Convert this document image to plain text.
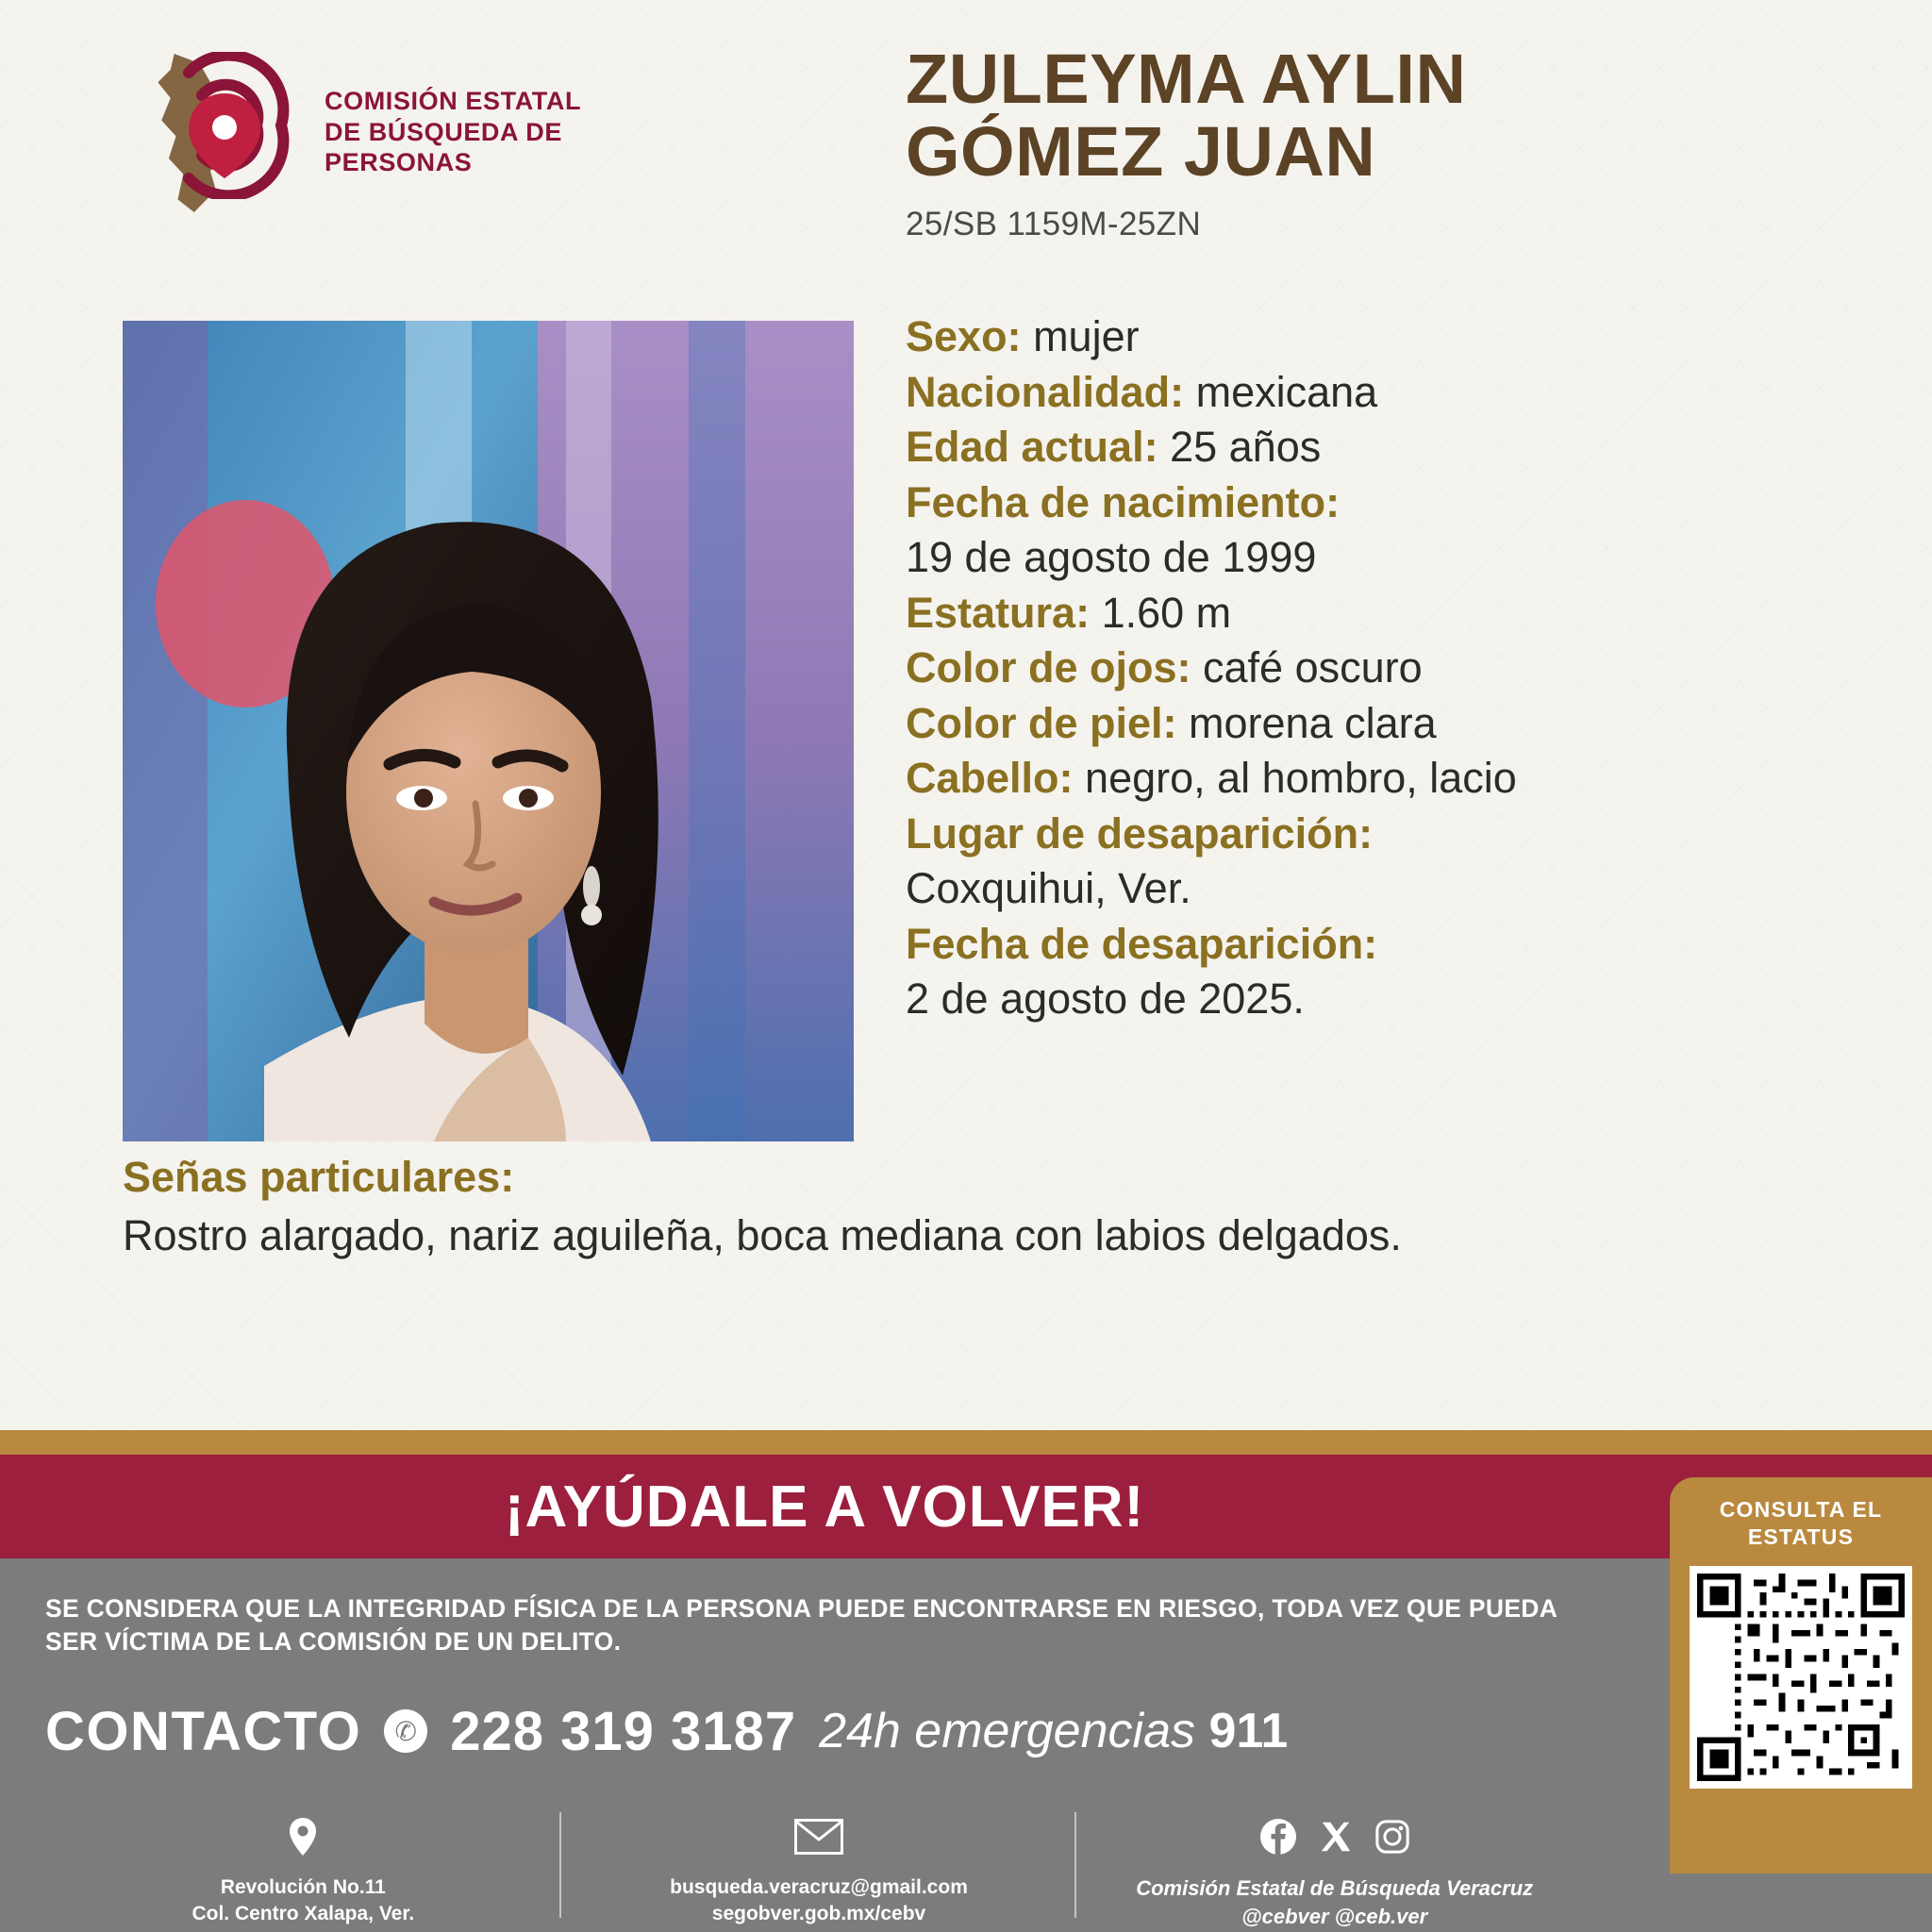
COMISIÓN ESTATAL
DE BÚSQUEDA DE
PERSONAS
ZULEYMA AYLIN
GÓMEZ JUAN
25/SB 1159M-25ZN
Sexo: mujer
Nacionalidad: mexicana
Edad actual: 25 años
Fecha de nacimiento:
19 de agosto de 1999
Estatura: 1.60 m
Color de ojos: café oscuro
Color de piel: morena clara
Cabello: negro, al hombro, lacio
Lugar de desaparición:
Coxquihui, Ver.
Fecha de desaparición:
2 de agosto de 2025.
Señas particulares:
Rostro alargado, nariz aguileña, boca mediana con labios delgados.
¡AYÚDALE A VOLVER!
SE CONSIDERA QUE LA INTEGRIDAD FÍSICA DE LA PERSONA PUEDE ENCONTRARSE EN RIESGO, TODA VEZ QUE PUEDA SER VÍCTIMA DE LA COMISIÓN DE UN DELITO.
CONTACTO	✆ 228 319 3187 24h emergencias 911
Revolución No.11
Col. Centro Xalapa, Ver.
busqueda.veracruz@gmail.com
segobver.gob.mx/cebv
Comisión Estatal de Búsqueda Veracruz
@cebver @ceb.ver
CONSULTA EL
ESTATUS
